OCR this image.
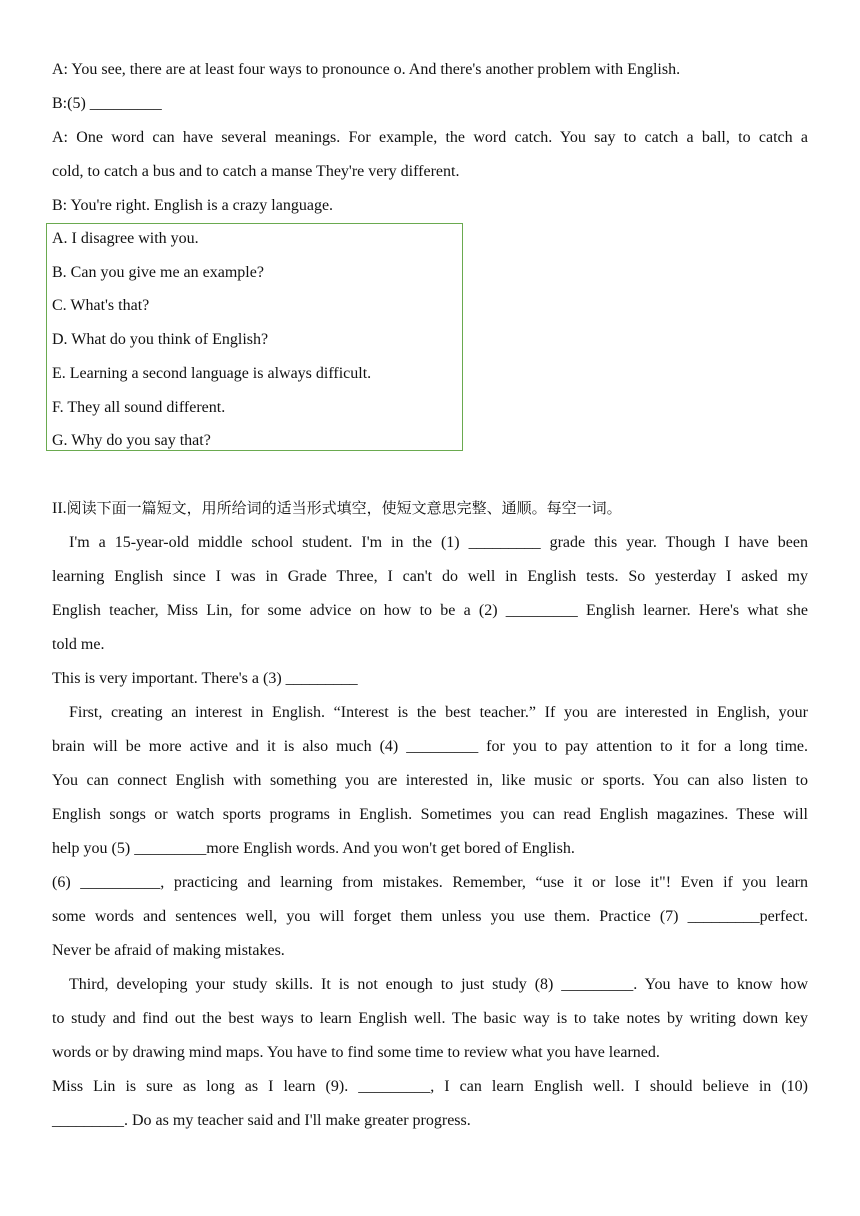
A: You see, there are at least four ways to pronounce o. And there's another problem with English.

B:(5) _________

A: One word can have several meanings. For example, the word catch. You say to catch a ball, to catch a

cold, to catch a bus and to catch a manse They're very different.

B: You're right. English is a crazy language.

A. I disagree with you.

B. Can you give me an example?

C. What's that?

D. What do you think of English?

E. Learning a second language is always difficult.

F. They all sound different.

G. Why do you say that?

II.阅读下面一篇短文，用所给词的适当形式填空，使短文意思完整、通顺。每空一词。

I'm a 15-year-old middle school student. I'm in the (1) _________ grade this year. Though I have been

learning English since I was in Grade Three, I can't do well in English tests. So yesterday I asked my

English teacher, Miss Lin, for some advice on how to be a (2) _________ English learner. Here's what she

told me.

This is very important. There's a (3) _________

First, creating an interest in English. “Interest is the best teacher.” If you are interested in English, your

brain will be more active and it is also much (4) _________ for you to pay attention to it for a long time.

You can connect English with something you are interested in, like music or sports. You can also listen to

English songs or watch sports programs in English. Sometimes you can read English magazines. These will

help you (5) _________more English words. And you won't get bored of English.

(6) __________, practicing and learning from mistakes. Remember, “use it or lose it"! Even if you learn

some words and sentences well, you will forget them unless you use them. Practice (7) _________perfect.

Never be afraid of making mistakes.

Third, developing your study skills. It is not enough to just study (8) _________. You have to know how

to study and find out the best ways to learn English well. The basic way is to take notes by writing down key

words or by drawing mind maps. You have to find some time to review what you have learned.

Miss Lin is sure as long as I learn (9). _________, I can learn English well. I should believe in (10)

_________. Do as my teacher said and I'll make greater progress.
